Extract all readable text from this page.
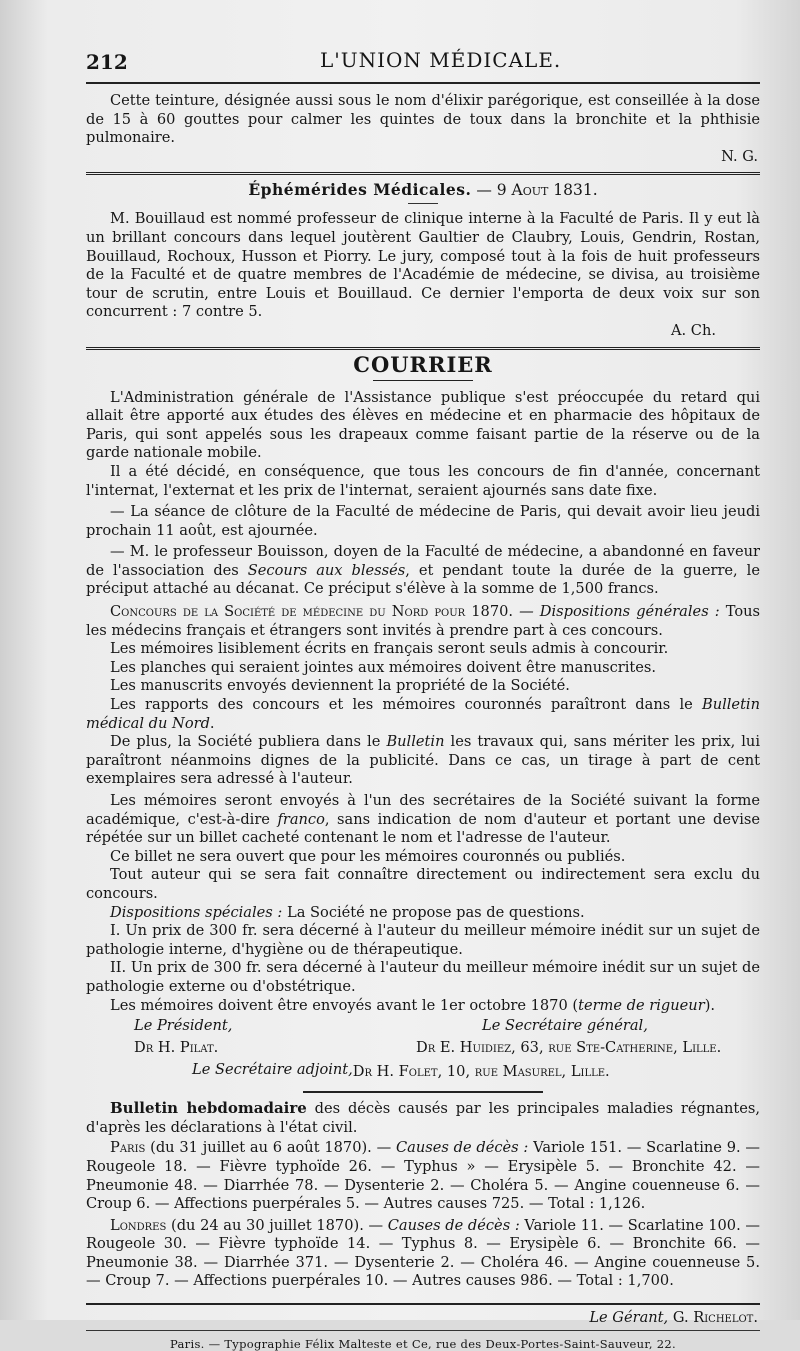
212	L'UNION MÉDICALE.

Cette teinture, désignée aussi sous le nom d'élixir parégorique, est conseillée à la dose de 15 à 60 gouttes pour calmer les quintes de toux dans la bronchite et la phthisie pulmonaire.

N. G.

Éphémérides Médicales. — 9 Aout 1831.

M. Bouillaud est nommé professeur de clinique interne à la Faculté de Paris. Il y eut là un brillant concours dans lequel joutèrent Gaultier de Claubry, Louis, Gendrin, Rostan, Bouillaud, Rochoux, Husson et Piorry. Le jury, composé tout à la fois de huit professeurs de la Faculté et de quatre membres de l'Académie de médecine, se divisa, au troisième tour de scrutin, entre Louis et Bouillaud. Ce dernier l'emporta de deux voix sur son concurrent : 7 contre 5.

A. Ch.

COURRIER

L'Administration générale de l'Assistance publique s'est préoccupée du retard qui allait être apporté aux études des élèves en médecine et en pharmacie des hôpitaux de Paris, qui sont appelés sous les drapeaux comme faisant partie de la réserve ou de la garde nationale mobile.

Il a été décidé, en conséquence, que tous les concours de fin d'année, concernant l'internat, l'externat et les prix de l'internat, seraient ajournés sans date fixe.

— La séance de clôture de la Faculté de médecine de Paris, qui devait avoir lieu jeudi prochain 11 août, est ajournée.

— M. le professeur Bouisson, doyen de la Faculté de médecine, a abandonné en faveur de l'association des Secours aux blessés, et pendant toute la durée de la guerre, le préciput attaché au décanat. Ce préciput s'élève à la somme de 1,500 francs.

Concours de la Société de médecine du Nord pour 1870. — Dispositions générales : Tous les médecins français et étrangers sont invités à prendre part à ces concours.

Les mémoires lisiblement écrits en français seront seuls admis à concourir.

Les planches qui seraient jointes aux mémoires doivent être manuscrites.

Les manuscrits envoyés deviennent la propriété de la Société.

Les rapports des concours et les mémoires couronnés paraîtront dans le Bulletin médical du Nord.

De plus, la Société publiera dans le Bulletin les travaux qui, sans mériter les prix, lui paraîtront néanmoins dignes de la publicité. Dans ce cas, un tirage à part de cent exemplaires sera adressé à l'auteur.

Les mémoires seront envoyés à l'un des secrétaires de la Société suivant la forme académique, c'est-à-dire franco, sans indication de nom d'auteur et portant une devise répétée sur un billet cacheté contenant le nom et l'adresse de l'auteur.

Ce billet ne sera ouvert que pour les mémoires couronnés ou publiés.

Tout auteur qui se sera fait connaître directement ou indirectement sera exclu du concours.

Dispositions spéciales : La Société ne propose pas de questions.

I. Un prix de 300 fr. sera décerné à l'auteur du meilleur mémoire inédit sur un sujet de pathologie interne, d'hygiène ou de thérapeutique.

II. Un prix de 300 fr. sera décerné à l'auteur du meilleur mémoire inédit sur un sujet de pathologie externe ou d'obstétrique.

Les mémoires doivent être envoyés avant le 1er octobre 1870 (terme de rigueur).

Le Président,	Le Secrétaire général,
Dr H. Pilat.	Dr E. Huidiez, 63, rue Ste-Catherine, Lille.
Le Secrétaire adjoint, Dr H. Folet, 10, rue Masurel, Lille.

Bulletin hebdomadaire des décès causés par les principales maladies régnantes, d'après les déclarations à l'état civil.

Paris (du 31 juillet au 6 août 1870). — Causes de décès : Variole 151. — Scarlatine 9. — Rougeole 18. — Fièvre typhoïde 26. — Typhus » — Erysipèle 5. — Bronchite 42. — Pneumonie 48. — Diarrhée 78. — Dysenterie 2. — Choléra 5. — Angine couenneuse 6. — Croup 6. — Affections puerpérales 5. — Autres causes 725. — Total : 1,126.

Londres (du 24 au 30 juillet 1870). — Causes de décès : Variole 11. — Scarlatine 100. — Rougeole 30. — Fièvre typhoïde 14. — Typhus 8. — Erysipèle 6. — Bronchite 66. — Pneumonie 38. — Diarrhée 371. — Dysenterie 2. — Choléra 46. — Angine couenneuse 5. — Croup 7. — Affections puerpérales 10. — Autres causes 986. — Total : 1,700.

Le Gérant, G. Richelot.
Paris. — Typographie Félix Malteste et Ce, rue des Deux-Portes-Saint-Sauveur, 22.
